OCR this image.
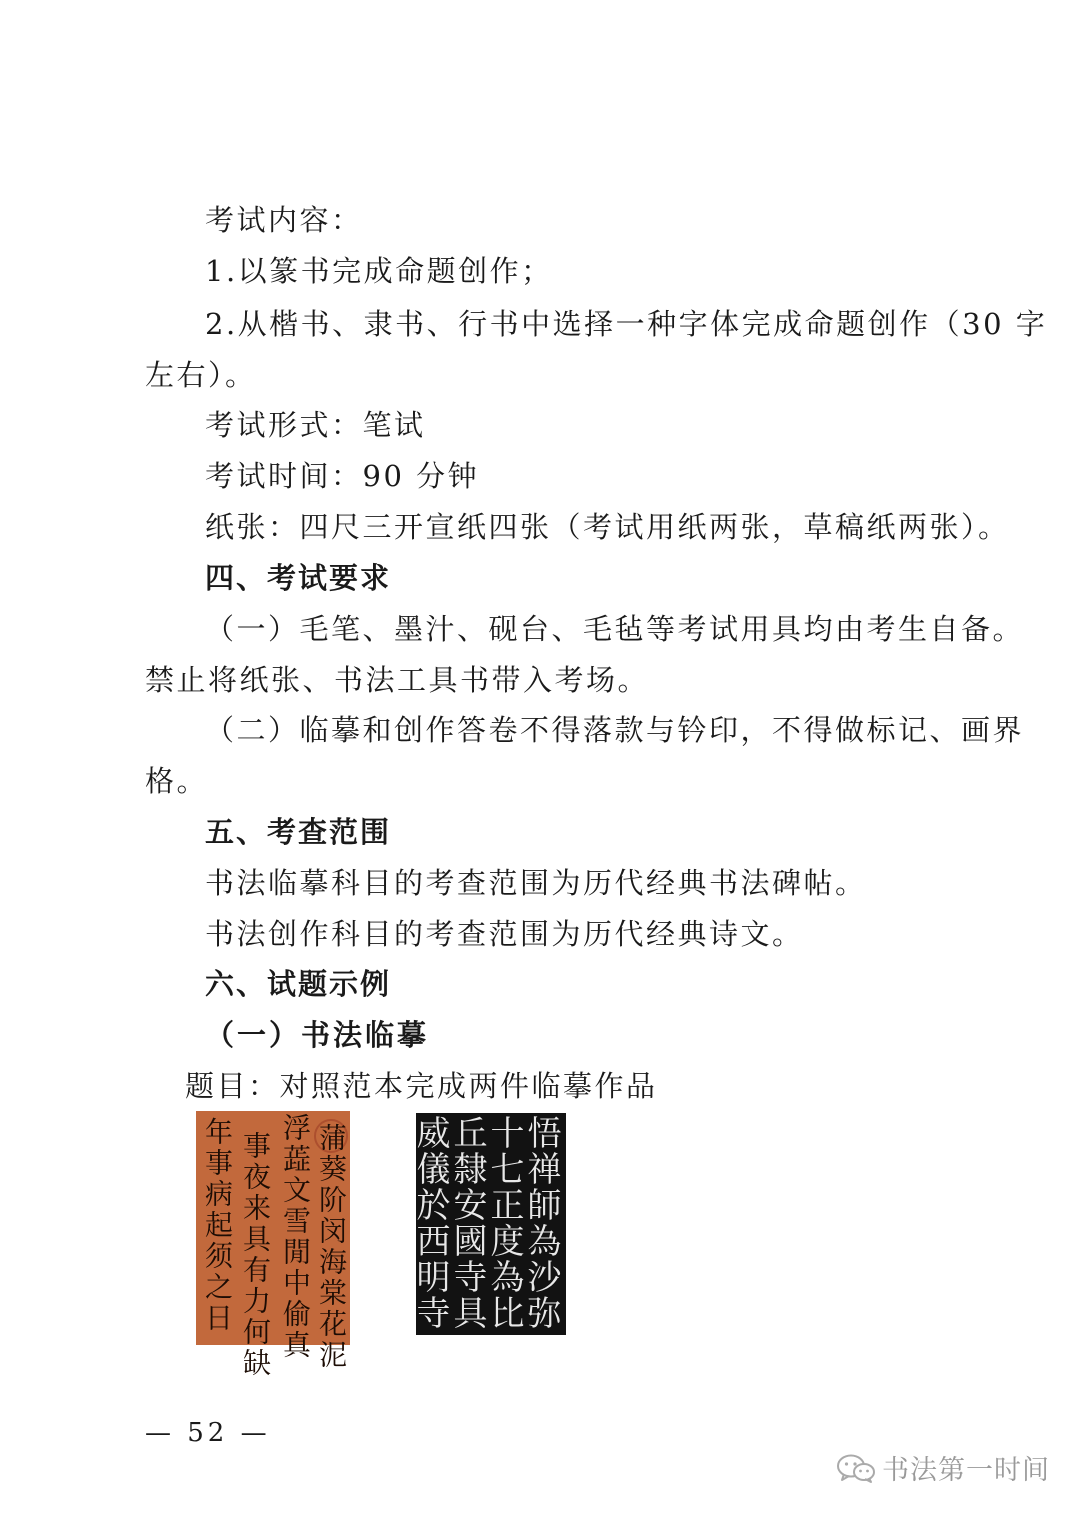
考试内容：
1.以篆书完成命题创作；
2.从楷书、隶书、行书中选择一种字体完成命题创作（30 字
左右）。
考试形式：笔试
考试时间：90 分钟
纸张：四尺三开宣纸四张（考试用纸两张，草稿纸两张）。
四、考试要求
（一）毛笔、墨汁、砚台、毛毡等考试用具均由考生自备。
禁止将纸张、书法工具书带入考场。
（二）临摹和创作答卷不得落款与钤印，不得做标记、画界
格。
五、考查范围
书法临摹科目的考查范围为历代经典书法碑帖。
书法创作科目的考查范围为历代经典诗文。
六、试题示例
（一）书法临摹
题目：对照范本完成两件临摹作品
蒲葵阶闵海棠花泥
浮蕋文雪閒中偷真
事夜来具有力何缺
年事病起须之日	悟禅師為沙弥
十七正度為比
丘隸安國寺具
威儀於西明寺
— 52 —
书法第一时间
